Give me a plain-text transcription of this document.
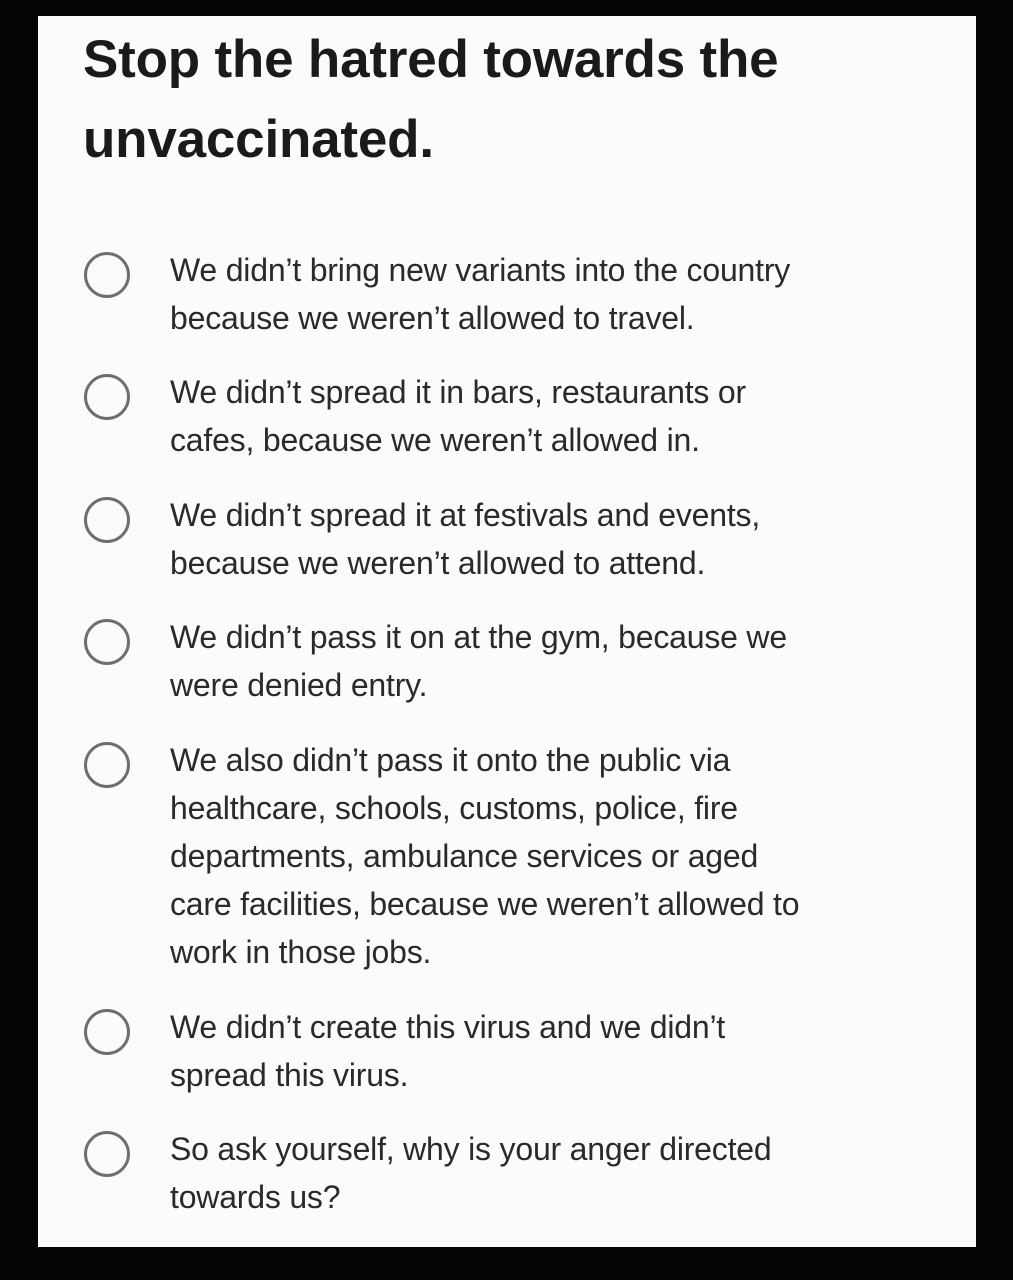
Stop the hatred towards the unvaccinated.
We didn’t bring new variants into the country
because we weren’t allowed to travel.
We didn’t spread it in bars, restaurants or
cafes, because we weren’t allowed in.
We didn’t spread it at festivals and events,
because we weren’t allowed to attend.
We didn’t pass it on at the gym, because we
were denied entry.
We also didn’t pass it onto the public via
healthcare, schools, customs, police, fire
departments, ambulance services or aged
care facilities, because we weren’t allowed to
work in those jobs.
We didn’t create this virus and we didn’t
spread this virus.
So ask yourself, why is your anger directed
towards us?
